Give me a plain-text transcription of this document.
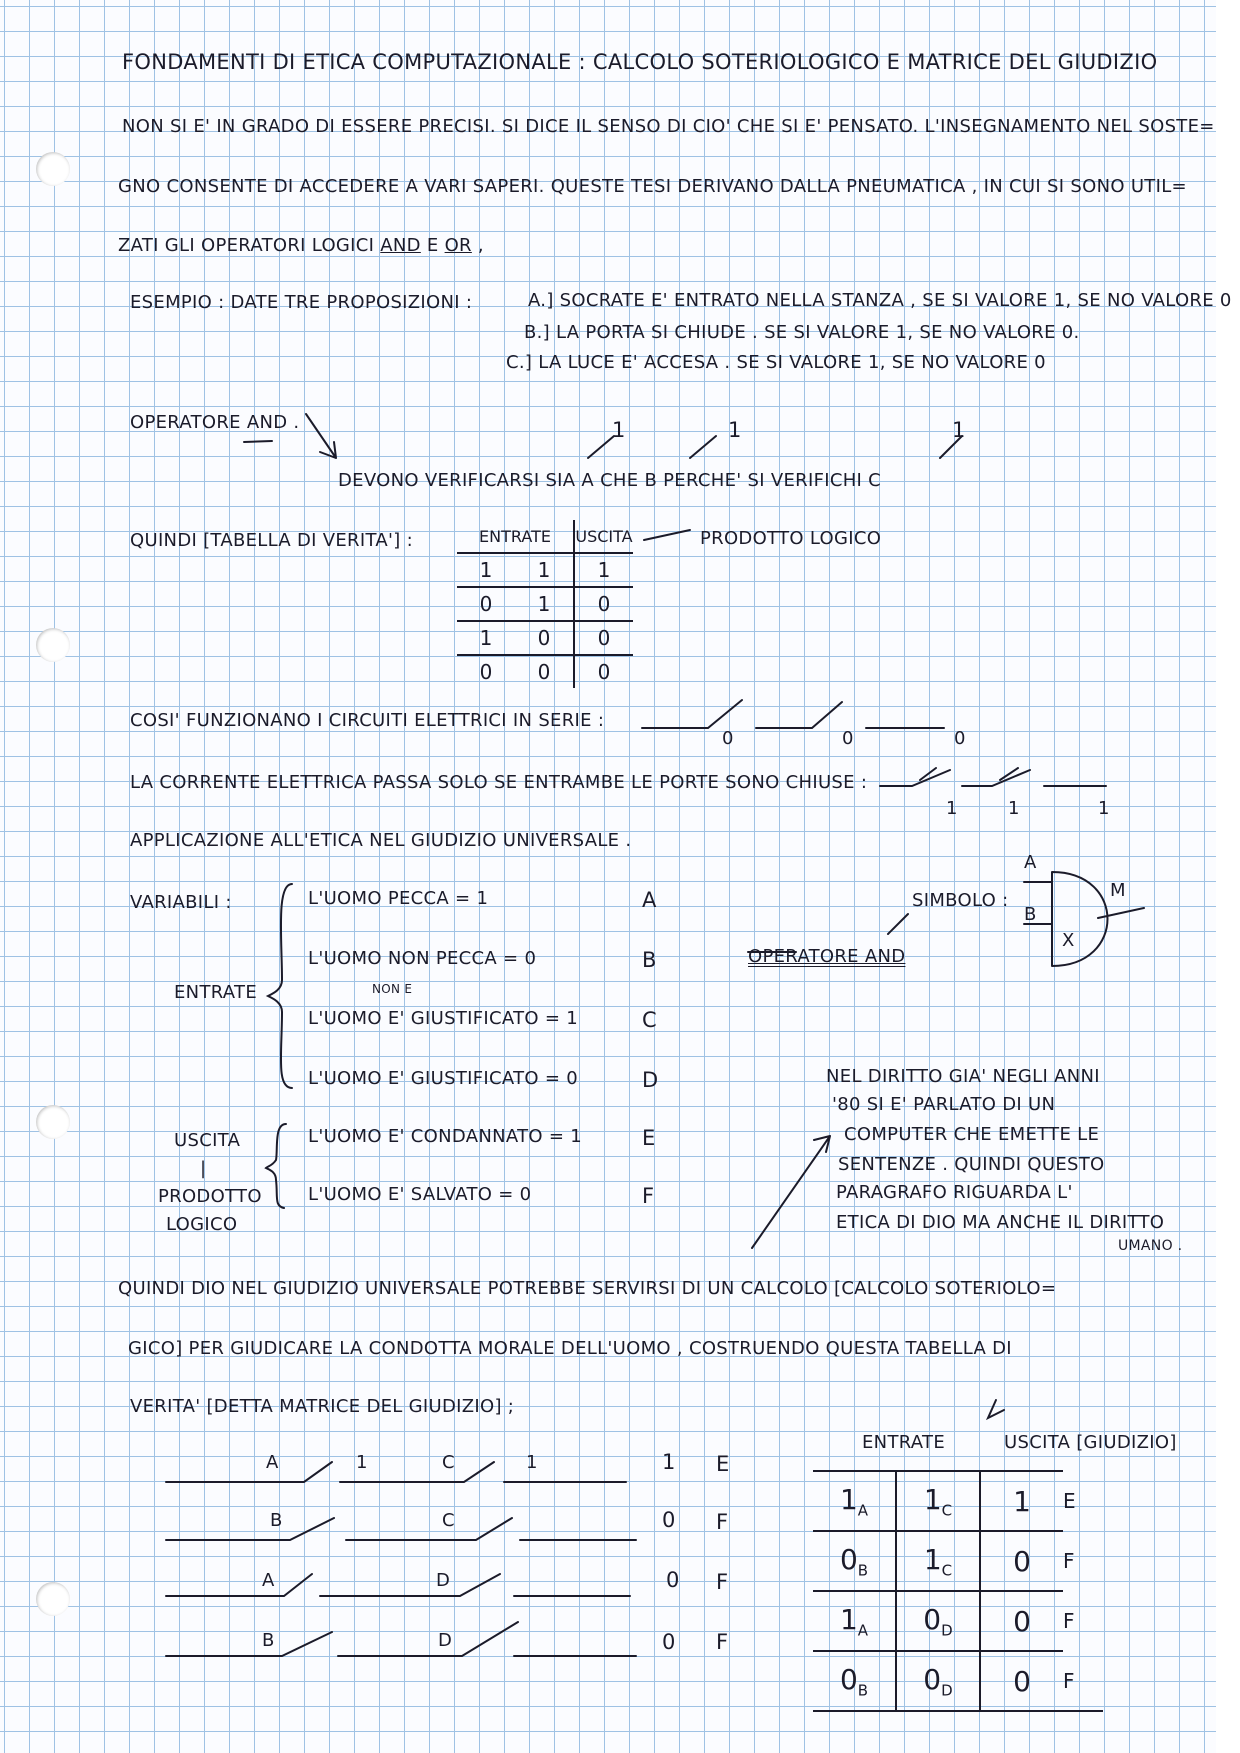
FONDAMENTI DI ETICA COMPUTAZIONALE : CALCOLO SOTERIOLOGICO E MATRICE DEL GIUDIZIO
NON SI E' IN GRADO DI ESSERE PRECISI. SI DICE IL SENSO DI CIO' CHE SI E' PENSATO. L'INSEGNAMENTO NEL SOSTE=
GNO CONSENTE DI ACCEDERE A VARI SAPERI. QUESTE TESI DERIVANO DALLA PNEUMATICA , IN CUI SI SONO UTIL=
ZATI GLI OPERATORI LOGICI AND E OR ,
ESEMPIO : DATE TRE PROPOSIZIONI :	A.] SOCRATE E' ENTRATO NELLA STANZA , SE SI VALORE 1, SE NO VALORE 0
B.] LA PORTA SI CHIUDE . SE SI VALORE 1, SE NO VALORE 0.
C.] LA LUCE E' ACCESA . SE SI VALORE 1, SE NO VALORE 0
OPERATORE AND .	1	1	1
DEVONO VERIFICARSI SIA A CHE B PERCHE' SI VERIFICHI C
QUINDI [TABELLA DI VERITA'] :	ENTRATE		USCITA
1	1	1
0	1	0
1	0	0
0	0	0
PRODOTTO LOGICO
COSI' FUNZIONANO I CIRCUITI ELETTRICI IN SERIE :
0	0	0
LA CORRENTE ELETTRICA PASSA SOLO SE ENTRAMBE LE PORTE SONO CHIUSE :
1	1	1
APPLICAZIONE ALL'ETICA NEL GIUDIZIO UNIVERSALE .
VARIABILI :
ENTRATE
L'UOMO PECCA = 1	A
L'UOMO NON PECCA = 0	B
NON E
L'UOMO E' GIUSTIFICATO = 1	C
L'UOMO E' GIUSTIFICATO = 0	D
L'UOMO E' CONDANNATO = 1	E
L'UOMO E' SALVATO = 0	F
USCITA
|
PRODOTTO
LOGICO
SIMBOLO :
OPERATORE AND
A
B
M
X
NEL DIRITTO GIA' NEGLI ANNI
'80 SI E' PARLATO DI UN
COMPUTER CHE EMETTE LE
SENTENZE . QUINDI QUESTO
PARAGRAFO RIGUARDA L'
ETICA DI DIO MA ANCHE IL DIRITTO
UMANO .
QUINDI DIO NEL GIUDIZIO UNIVERSALE POTREBBE SERVIRSI DI UN CALCOLO [CALCOLO SOTERIOLO=
GICO] PER GIUDICARE LA CONDOTTA MORALE DELL'UOMO , COSTRUENDO QUESTA TABELLA DI
VERITA' [DETTA MATRICE DEL GIUDIZIO] ;
A	1	C	1	1 E
B	C	0 F
A	D	0 F
B	D	0 F
ENTRATE	USCITA [GIUDIZIO]
$1_A$	$1_C$	1	E
$0_B$	$1_C$	0	F
$1_A$	$0_D$	0	F
$0_B$	$0_D$	0	F
